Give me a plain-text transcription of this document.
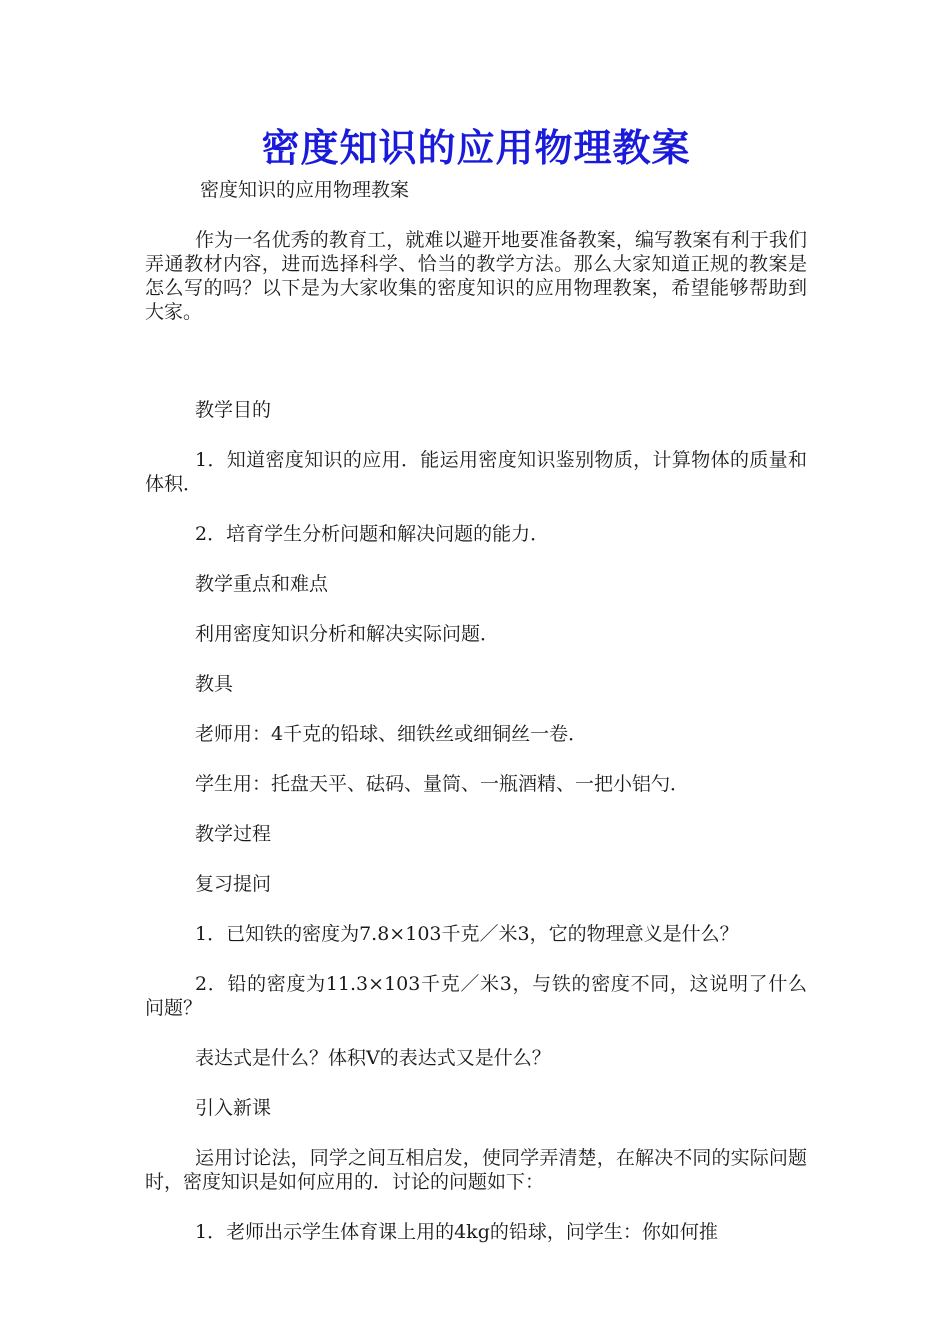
密度知识的应用物理教案
密度知识的应用物理教案

作为一名优秀的教育工，就难以避开地要准备教案，编写教案有利于我们弄通教材内容，进而选择科学、恰当的教学方法。那么大家知道正规的教案是怎么写的吗？以下是为大家收集的密度知识的应用物理教案，希望能够帮助到大家。

教学目的

1．知道密度知识的应用．能运用密度知识鉴别物质，计算物体的质量和体积．

2．培育学生分析问题和解决问题的能力．

教学重点和难点

利用密度知识分析和解决实际问题．

教具

老师用：4千克的铅球、细铁丝或细铜丝一卷．

学生用：托盘天平、砝码、量筒、一瓶酒精、一把小铝勺．

教学过程

复习提问

1．已知铁的密度为7.8×103千克／米3，它的物理意义是什么？

2．铅的密度为11.3×103千克／米3，与铁的密度不同，这说明了什么问题？

表达式是什么？体积V的表达式又是什么？

引入新课

运用讨论法，同学之间互相启发，使同学弄清楚，在解决不同的实际问题时，密度知识是如何应用的．讨论的问题如下：

1．老师出示学生体育课上用的4kg的铅球，问学生：你如何推
